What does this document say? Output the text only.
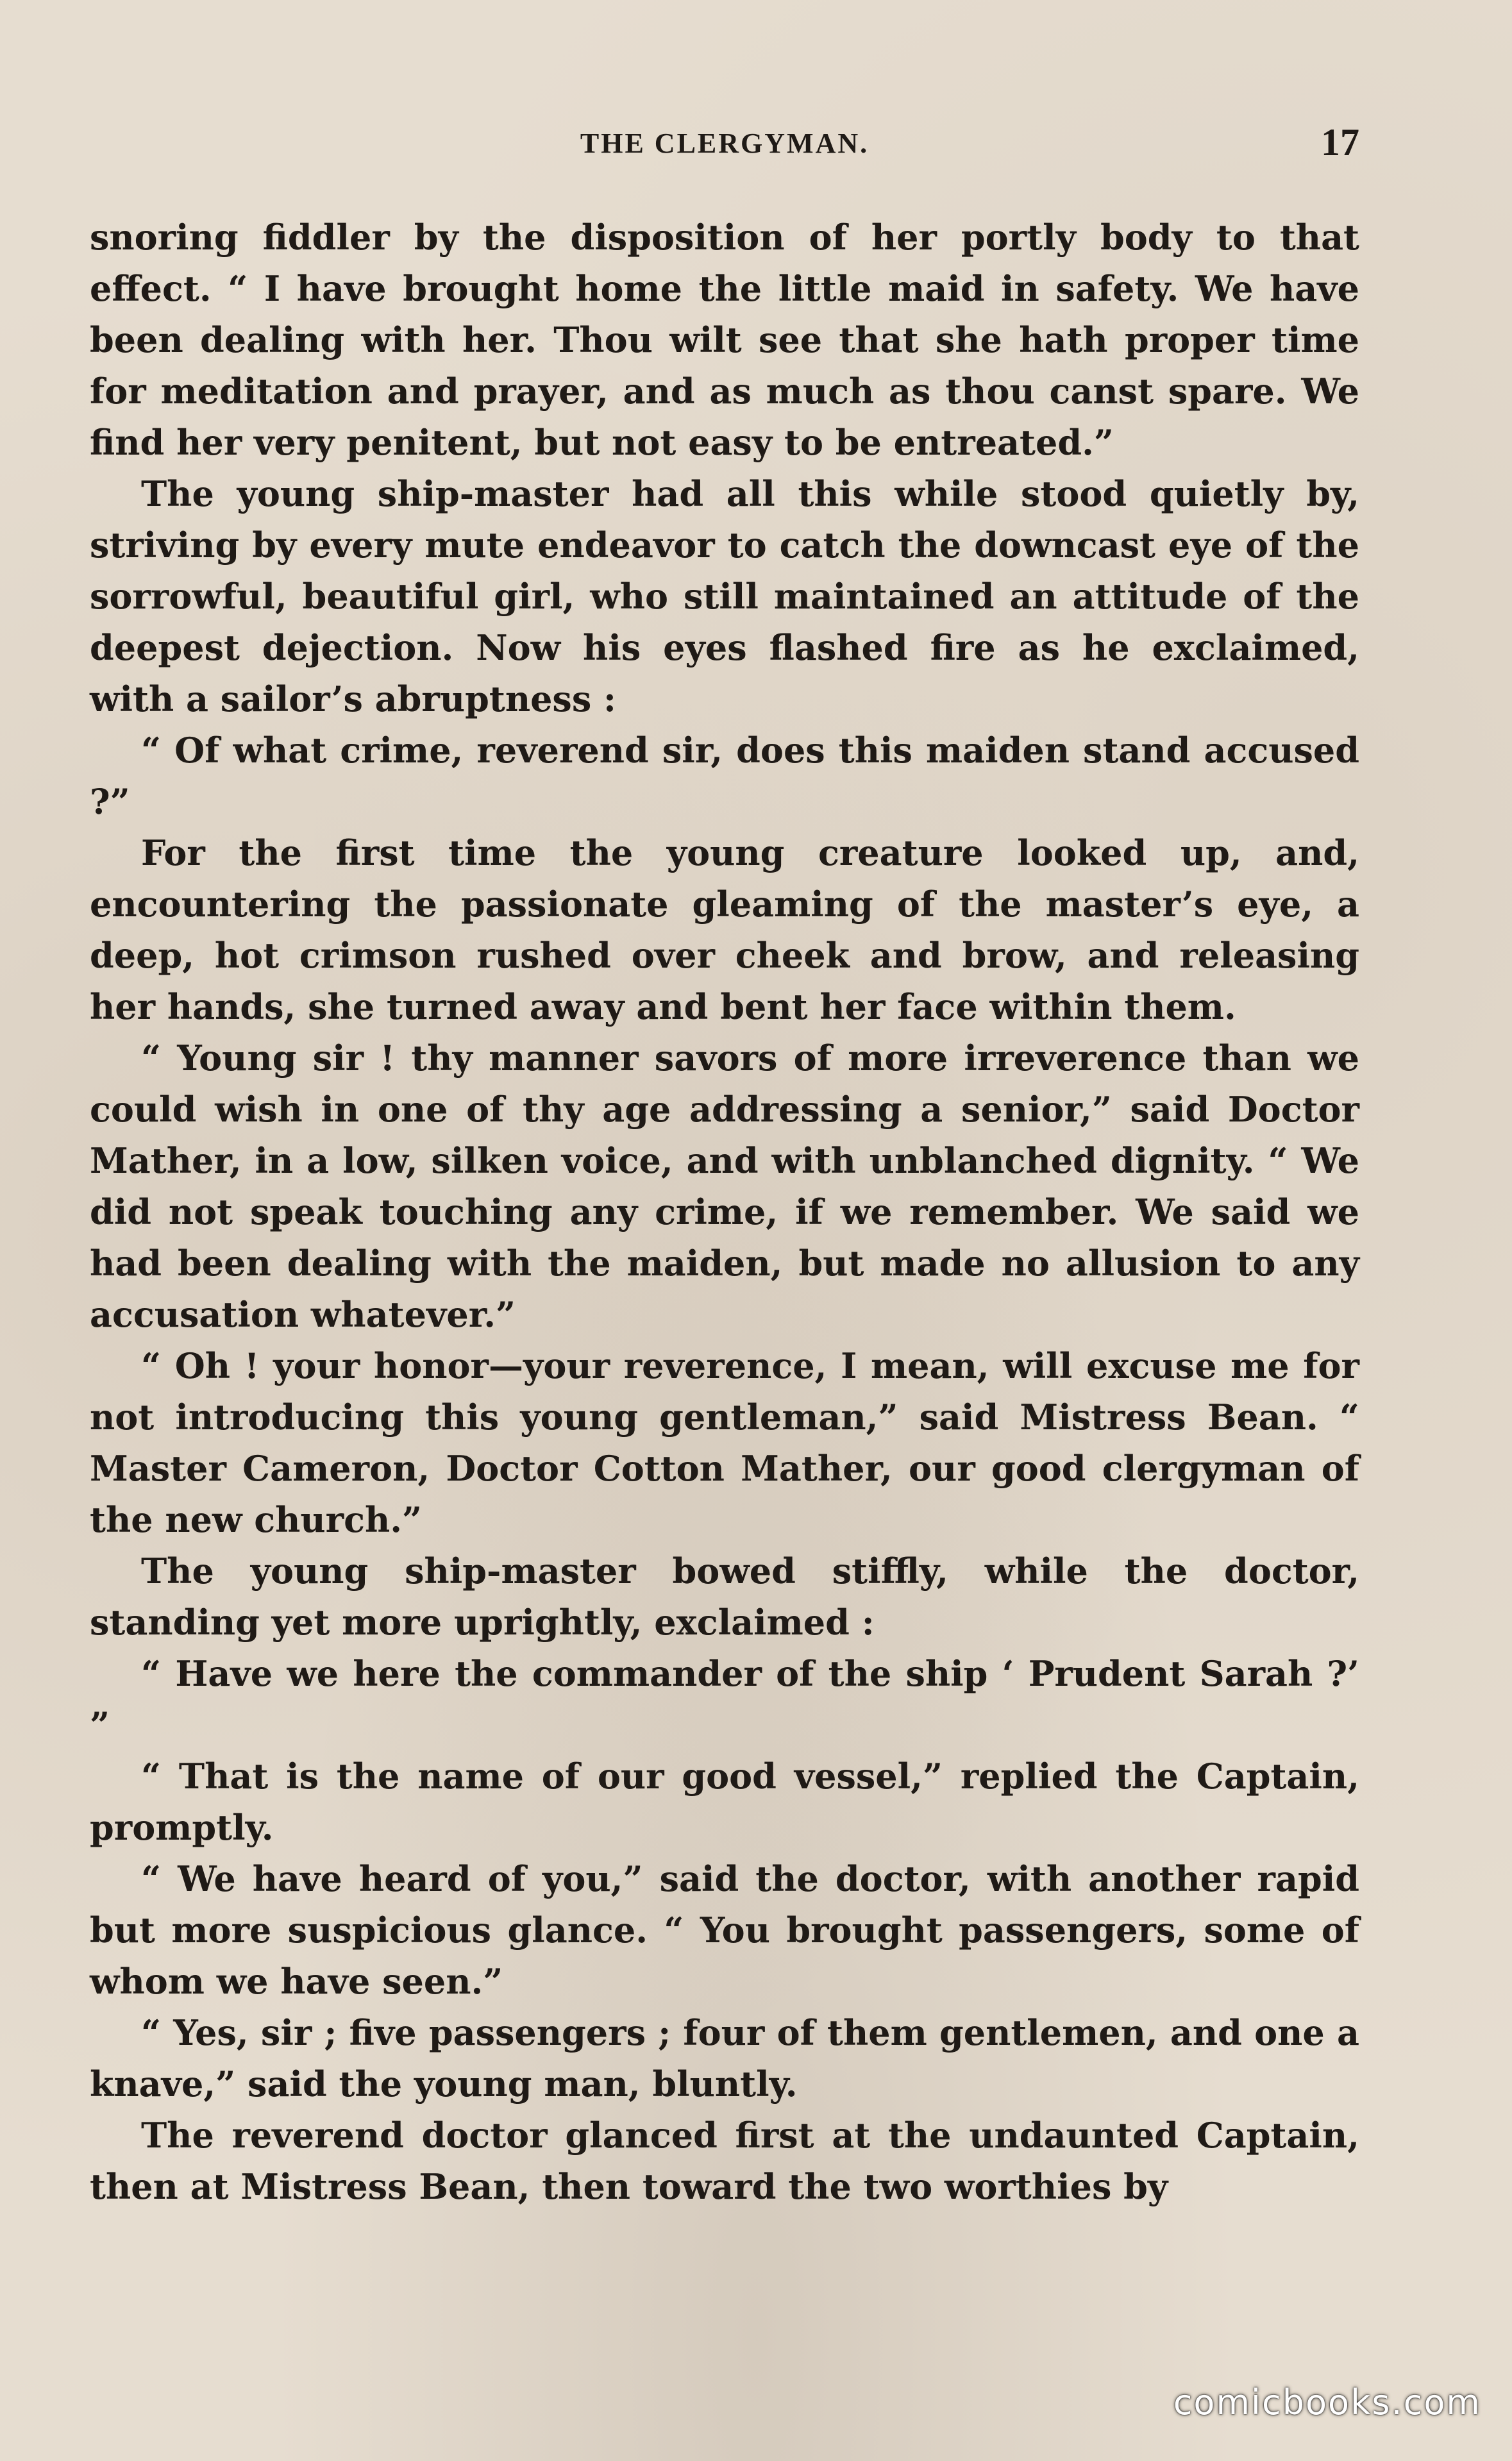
THE CLERGYMAN.	17

snoring fiddler by the disposition of her portly body to that effect. “ I have brought home the little maid in safety. We have been dealing with her. Thou wilt see that she hath proper time for meditation and prayer, and as much as thou canst spare. We find her very penitent, but not easy to be entreated.”

The young ship-master had all this while stood quietly by, striving by every mute endeavor to catch the downcast eye of the sorrowful, beautiful girl, who still maintained an attitude of the deepest dejection. Now his eyes flashed fire as he exclaimed, with a sailor’s abruptness :

“ Of what crime, reverend sir, does this maiden stand accused ?”

For the first time the young creature looked up, and, encountering the passionate gleaming of the master’s eye, a deep, hot crimson rushed over cheek and brow, and releasing her hands, she turned away and bent her face within them.

“ Young sir ! thy manner savors of more irreverence than we could wish in one of thy age addressing a senior,” said Doctor Mather, in a low, silken voice, and with unblanched dignity. “ We did not speak touching any crime, if we remember. We said we had been dealing with the maiden, but made no allusion to any accusation whatever.”

“ Oh ! your honor—your reverence, I mean, will excuse me for not introducing this young gentleman,” said Mistress Bean. “ Master Cameron, Doctor Cotton Mather, our good clergyman of the new church.”

The young ship-master bowed stiffly, while the doctor, standing yet more uprightly, exclaimed :

“ Have we here the commander of the ship ‘ Prudent Sarah ?’ ”

“ That is the name of our good vessel,” replied the Captain, promptly.

“ We have heard of you,” said the doctor, with another rapid but more suspicious glance. “ You brought passengers, some of whom we have seen.”

“ Yes, sir ; five passengers ; four of them gentlemen, and one a knave,” said the young man, bluntly.

The reverend doctor glanced first at the undaunted Captain, then at Mistress Bean, then toward the two worthies by

comicbooks.com
